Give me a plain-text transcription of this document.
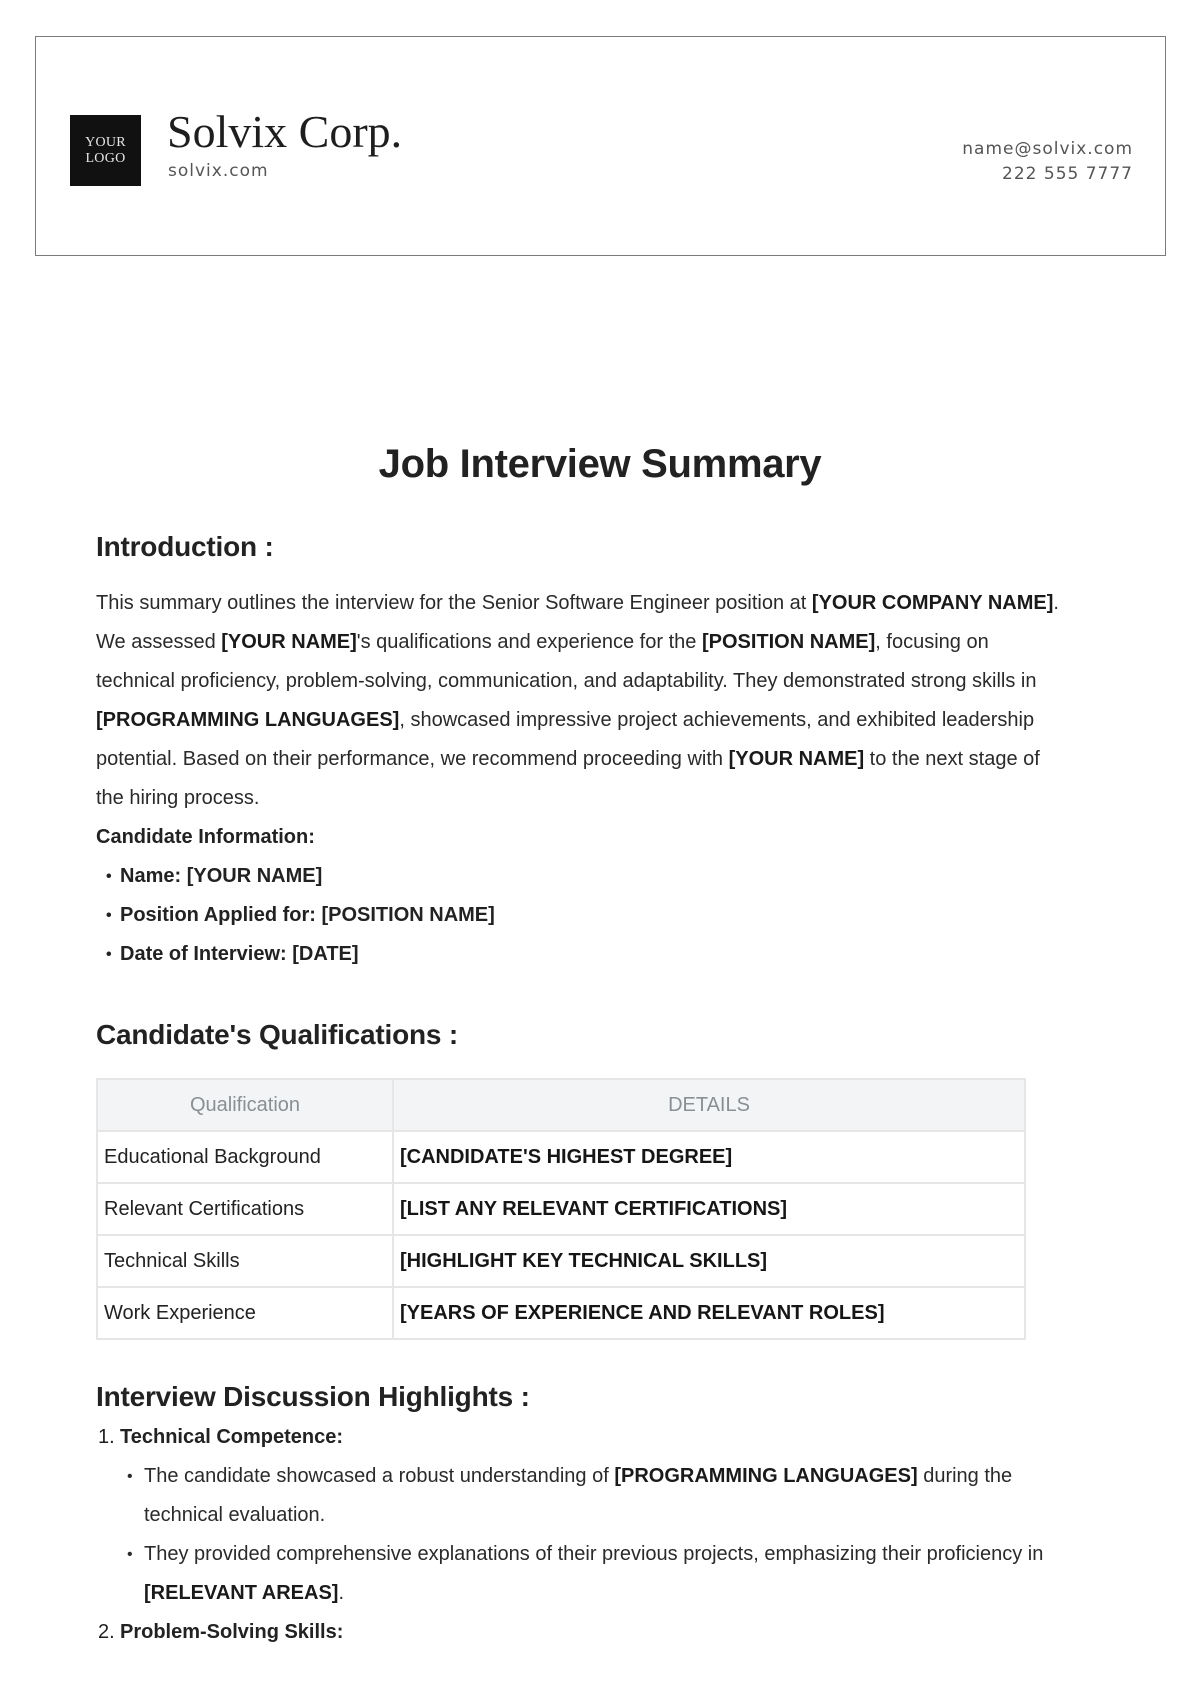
YOUR
LOGO
Solvix Corp.
solvix.com
name@solvix.com
222 555 7777
Job Interview Summary
Introduction :

This summary outlines the interview for the Senior Software Engineer position at [YOUR COMPANY NAME]. We assessed [YOUR NAME]'s qualifications and experience for the [POSITION NAME], focusing on technical proficiency, problem-solving, communication, and adaptability. They demonstrated strong skills in [PROGRAMMING LANGUAGES], showcased impressive project achievements, and exhibited leadership potential. Based on their performance, we recommend proceeding with [YOUR NAME] to the next stage of the hiring process.

Candidate Information:
• Name: [YOUR NAME]
• Position Applied for: [POSITION NAME]
• Date of Interview: [DATE]
Candidate's Qualifications :
Qualification	DETAILS
Educational Background	[CANDIDATE'S HIGHEST DEGREE]
Relevant Certifications	[LIST ANY RELEVANT CERTIFICATIONS]
Technical Skills	[HIGHLIGHT KEY TECHNICAL SKILLS]
Work Experience	[YEARS OF EXPERIENCE AND RELEVANT ROLES]
Interview Discussion Highlights :
1. Technical Competence:
• The candidate showcased a robust understanding of [PROGRAMMING LANGUAGES] during the technical evaluation.
• They provided comprehensive explanations of their previous projects, emphasizing their proficiency in [RELEVANT AREAS].
2. Problem-Solving Skills:
